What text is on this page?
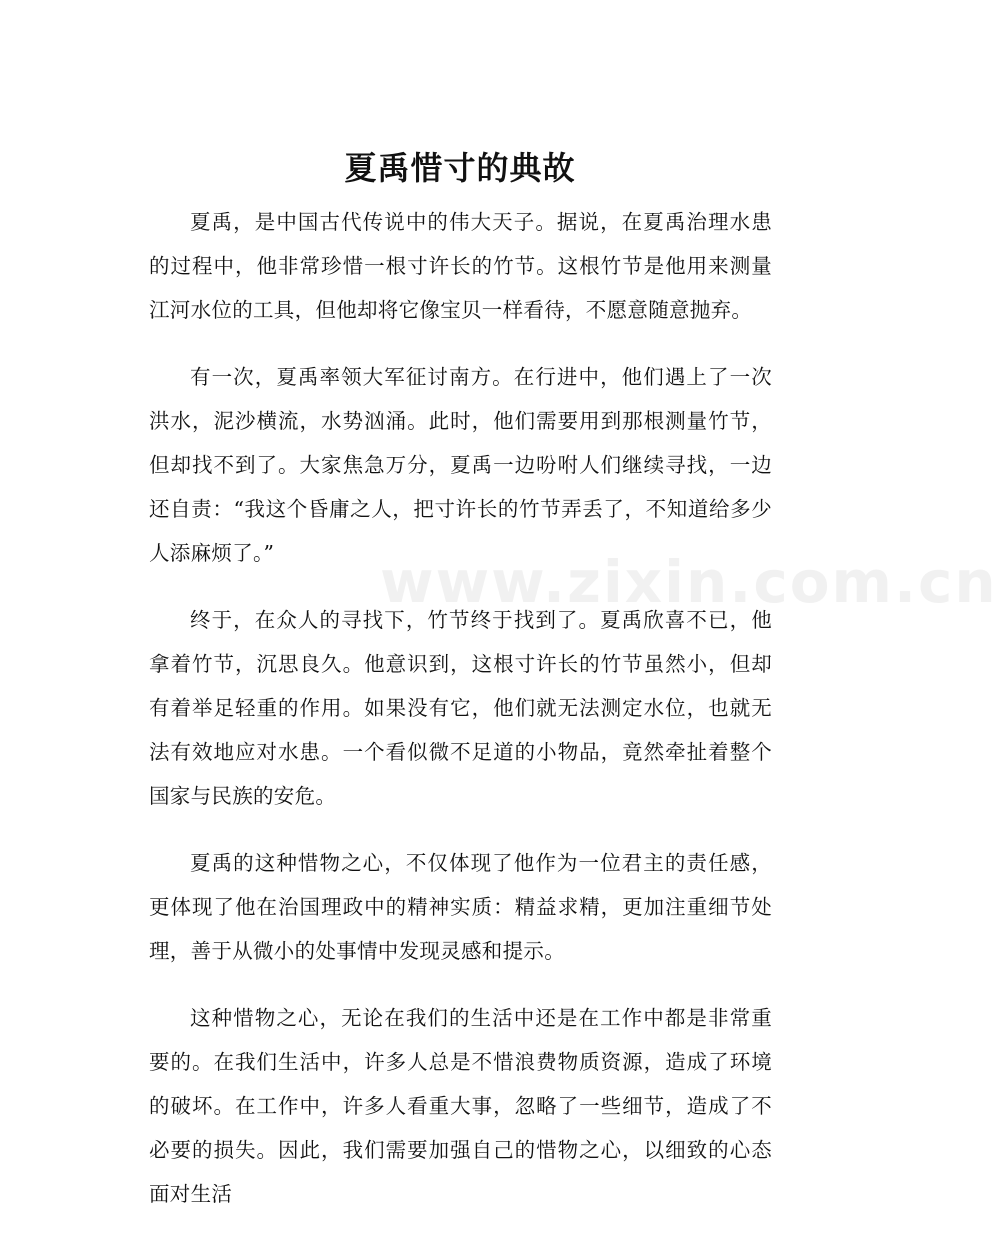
夏禹惜寸的典故
www.zixin.com.cn

夏禹，是中国古代传说中的伟大天子。据说，在夏禹治理水患的过程中，他非常珍惜一根寸许长的竹节。这根竹节是他用来测量江河水位的工具，但他却将它像宝贝一样看待，不愿意随意抛弃。

有一次，夏禹率领大军征讨南方。在行进中，他们遇上了一次洪水，泥沙横流，水势汹涌。此时，他们需要用到那根测量竹节，但却找不到了。大家焦急万分，夏禹一边吩咐人们继续寻找，一边还自责：“我这个昏庸之人，把寸许长的竹节弄丢了，不知道给多少人添麻烦了。”

终于，在众人的寻找下，竹节终于找到了。夏禹欣喜不已，他拿着竹节，沉思良久。他意识到，这根寸许长的竹节虽然小，但却有着举足轻重的作用。如果没有它，他们就无法测定水位，也就无法有效地应对水患。一个看似微不足道的小物品，竟然牵扯着整个国家与民族的安危。

夏禹的这种惜物之心，不仅体现了他作为一位君主的责任感，更体现了他在治国理政中的精神实质：精益求精，更加注重细节处理，善于从微小的处事情中发现灵感和提示。

这种惜物之心，无论在我们的生活中还是在工作中都是非常重要的。在我们生活中，许多人总是不惜浪费物质资源，造成了环境的破坏。在工作中，许多人看重大事，忽略了一些细节，造成了不必要的损失。因此，我们需要加强自己的惜物之心，以细致的心态面对生活
